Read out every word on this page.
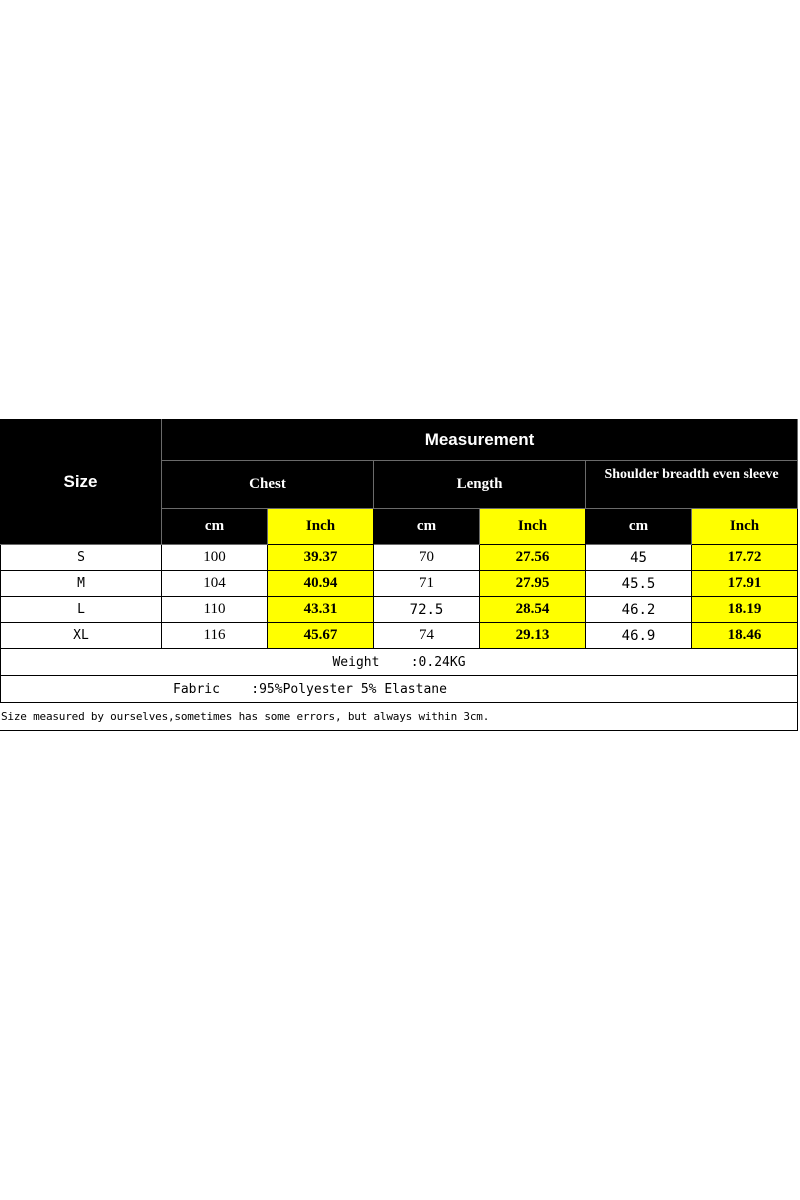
Size
Measurement
Chest	Length
Shoulder breadth even sleeve
cm	Inch	cm	Inch	cm	Inch
S	100	39.37	70	27.56	45	17.72
M	104	40.94	71	27.95	45.5	17.91
L	110	43.31	72.5	28.54	46.2	18.19
XL	116	45.67	74	29.13	46.9	18.46
Weight    :0.24KG
Fabric    :95%Polyester 5% Elastane
Size measured by ourselves,sometimes has some errors, but always within 3cm.
